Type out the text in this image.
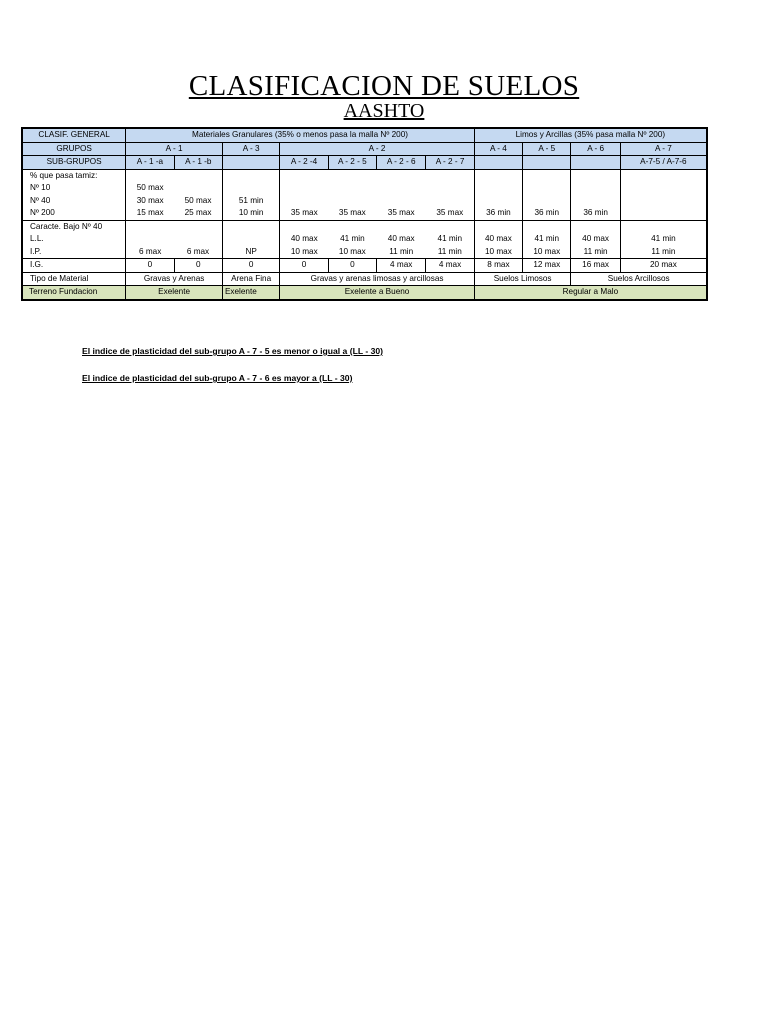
CLASIFICACION DE SUELOS
AASHTO
CLASIF. GENERAL	Materiales Granulares (35% o menos pasa la malla Nº 200)							Limos y Arcillas (35% pasa malla Nº 200)			
GRUPOS	A - 1		A - 3	A - 2				A - 4	A - 5	A - 6	A - 7
SUB-GRUPOS	A - 1 -a	A - 1 -b		A - 2 -4	A - 2 - 5	A - 2 - 6	A - 2 - 7				A-7-5 / A-7-6
% que pasa tamiz:											
Nº 10	50 max										
Nº 40	30 max	50 max	51 min								
Nº 200	15 max	25 max	10 min	35 max	35 max	35 max	35 max	36 min	36 min	36 min	
Caracte. Bajo Nº 40											
L.L.				40 max	41 min	40 max	41 min	40 max	41 min	40 max	41 min
I.P.	6 max	6 max	NP	10 max	10 max	11 min	11 min	10 max	10 max	11 min	11 min
I.G.	0	0	0	0	0	4 max	4 max	8 max	12 max	16 max	20 max
Tipo de Material	Gravas y Arenas		Arena Fina	Gravas y arenas limosas y arcillosas				Suelos Limosos		Suelos Arcillosos	
Terreno Fundacion	Exelente		Exelente	Exelente a Bueno				Regular a Malo			
El indice de plasticidad del sub-grupo A - 7 - 5 es menor o igual a (LL - 30)
El indice de plasticidad del sub-grupo A - 7 - 6 es mayor a (LL - 30)
